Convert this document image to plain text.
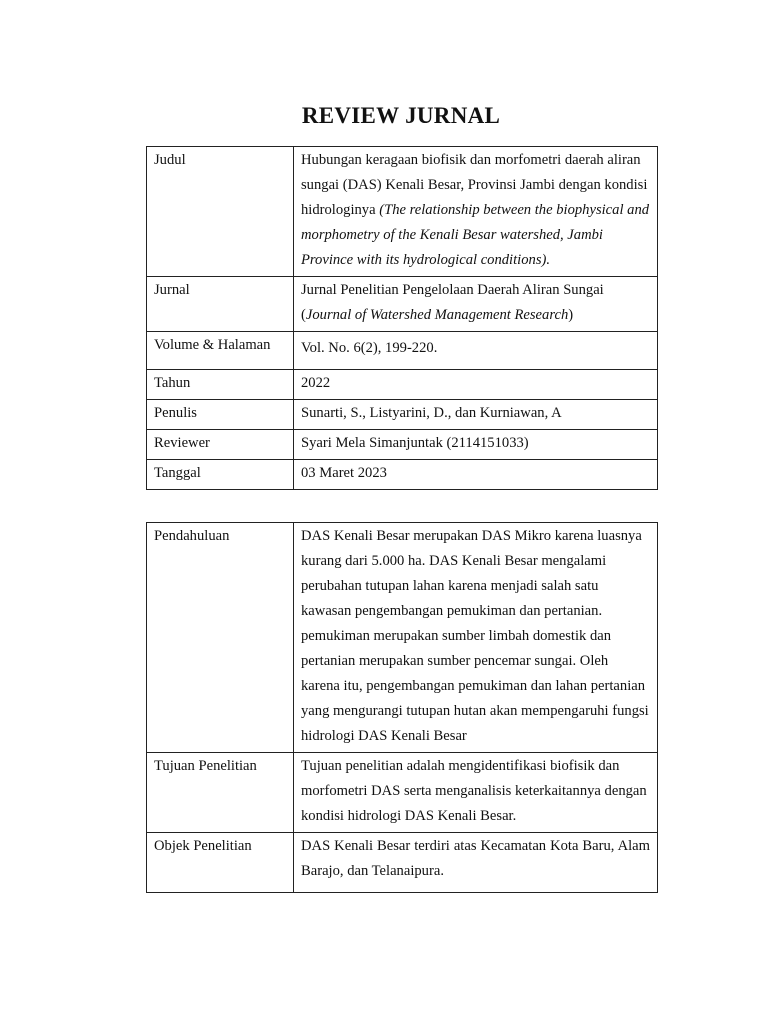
REVIEW JURNAL
Judul	Hubungan keragaan biofisik dan morfometri daerah aliran sungai (DAS) Kenali Besar, Provinsi Jambi dengan kondisi hidrologinya (The relationship between the biophysical and morphometry of the Kenali Besar watershed, Jambi Province with its hydrological conditions).
Jurnal	Jurnal Penelitian Pengelolaan Daerah Aliran Sungai
(Journal of Watershed Management Research)
Volume & Halaman	Vol. No. 6(2), 199-220.
Tahun	2022
Penulis	Sunarti, S., Listyarini, D., dan Kurniawan, A
Reviewer	Syari Mela Simanjuntak (2114151033)
Tanggal	03 Maret 2023
Pendahuluan	DAS Kenali Besar merupakan DAS Mikro karena luasnya kurang dari 5.000 ha. DAS Kenali Besar mengalami perubahan tutupan lahan karena menjadi salah satu kawasan pengembangan pemukiman dan pertanian. pemukiman merupakan sumber limbah domestik dan pertanian merupakan sumber pencemar sungai. Oleh karena itu, pengembangan pemukiman dan lahan pertanian yang mengurangi tutupan hutan akan mempengaruhi fungsi hidrologi DAS Kenali Besar
Tujuan Penelitian	Tujuan penelitian adalah mengidentifikasi biofisik dan morfometri DAS serta menganalisis keterkaitannya dengan kondisi hidrologi DAS Kenali Besar.
Objek Penelitian	DAS Kenali Besar terdiri atas Kecamatan Kota Baru, Alam Barajo, dan Telanaipura.
